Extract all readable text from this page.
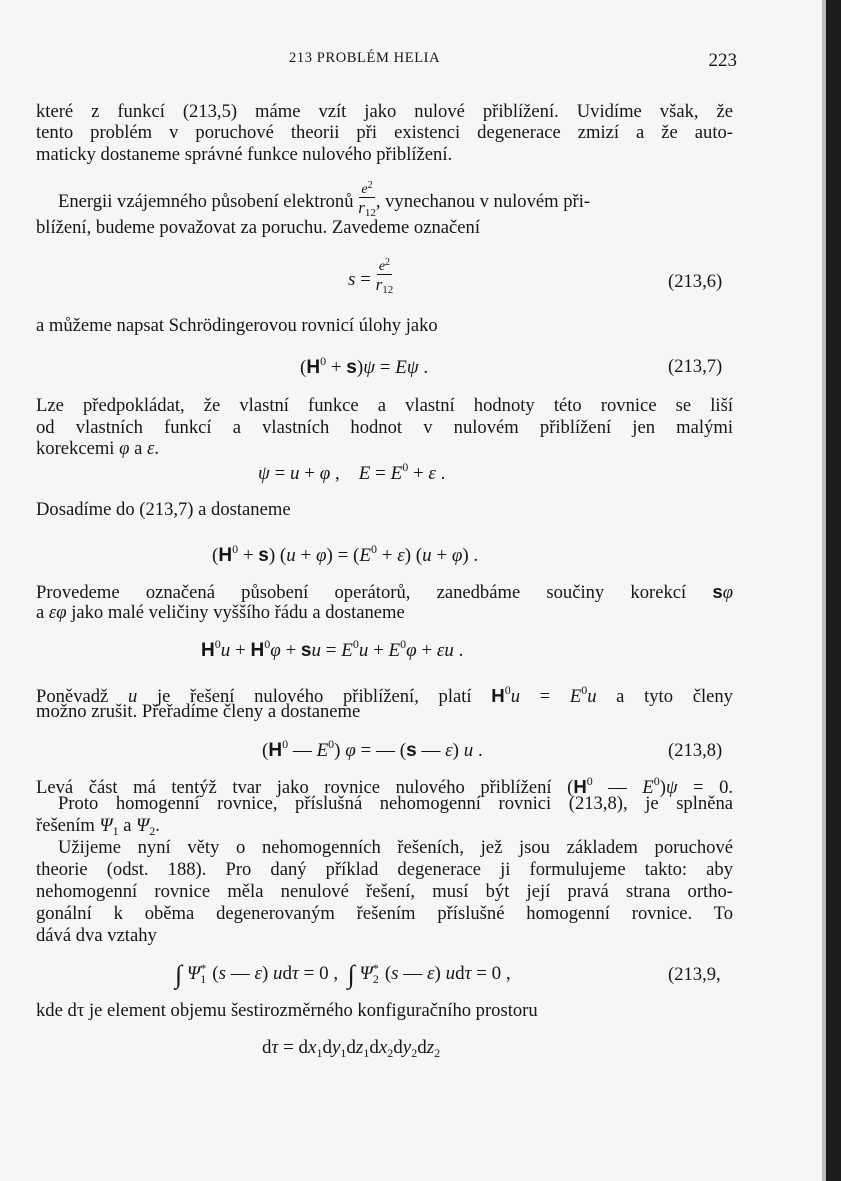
213 PROBLÉM HELIA	223
které z funkcí (213,5) máme vzít jako nulové přiblížení. Uvidíme však, že
tento problém v poruchové theorii při existenci degenerace zmizí a že auto-
maticky dostaneme správné funkce nulového přiblížení.
Energii vzájemného působení elektronů $\frac{e^2}{r12}$ , vynechanou v nulovém při-
blížení, budeme považovat za poruchu. Zavedeme označení
$s = \frac{e^2}{r12}$	(213,6)
a můžeme napsat Schrödingerovou rovnicí úlohy jako
$(H^0 + s)\psi = E\psi$ .	(213,7)
Lze předpokládat, že vlastní funkce a vlastní hodnoty této rovnice se liší
od vlastních funkcí a vlastních hodnot v nulovém přiblížení jen malými
korekcemi φ a ε.
ψ = u + φ ,    $E = E^0 + \varepsilon$ .
Dosadíme do (213,7) a dostaneme
$(H^0 + s) (u + \varphi) = (E^0 + \varepsilon) (u + \varphi)$ .
Provedeme označená působení operátorů, zanedbáme součiny korekcí sφ
a εφ jako malé veličiny vyššího řádu a dostaneme
$H^0u + H^0\varphi$ + su = $E^0u + E^0\varphi + \varepsilon u$ .
Poněvadž u je řešení nulového přiblížení, platí $H^0u = E^0u$ a tyto členy
možno zrušit. Přeřadíme členy a dostaneme
($H^0$ — $E^0$) φ = — (s — ε) u .	(213,8)
Levá část má tentýž tvar jako rovnice nulového přiblížení ($H^0$ — $E^0)\psi = 0$.
Proto homogenní rovnice, příslušná nehomogenní rovnici (213,8), je splněna
řešením $\Psi_1$ a $\Psi_2$.
Užijeme nyní věty o nehomogenních řešeních, jež jsou základem poruchové
theorie (odst. 188). Pro daný příklad degenerace ji formulujeme takto: aby
nehomogenní rovnice měla nenulové řešení, musí být její pravá strana ortho-
gonální k oběma degenerovaným řešením příslušné homogenní rovnice. To
dává dva vztahy
∫ $\Psi^*_1$ (s — ε) udτ = 0 ,  ∫ $\Psi^*_2$ (s — ε) udτ = 0 ,	(213,9,
kde dτ je element objemu šestirozměrného konfiguračního prostoru
$d\tau = dx_1dy_1dz_1dx_2dy_2dz_2$
